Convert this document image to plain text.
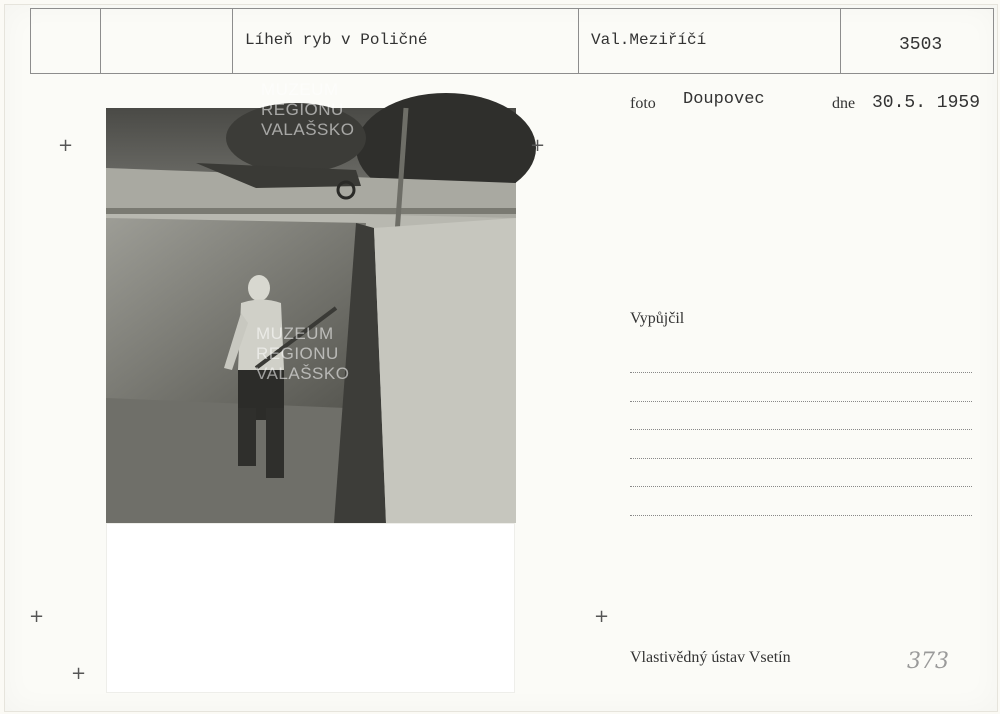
Líheň ryb v Poličné	Val.Meziříčí	3503
MUZEUM
REGIONU
VALAŠSKO
MUZEUM
REGIONU
VALAŠSKO
+	+
+	+
+
foto Doupovec	dne 30.5. 1959
Vypůjčil
Vlastivědný ústav Vsetín	373
